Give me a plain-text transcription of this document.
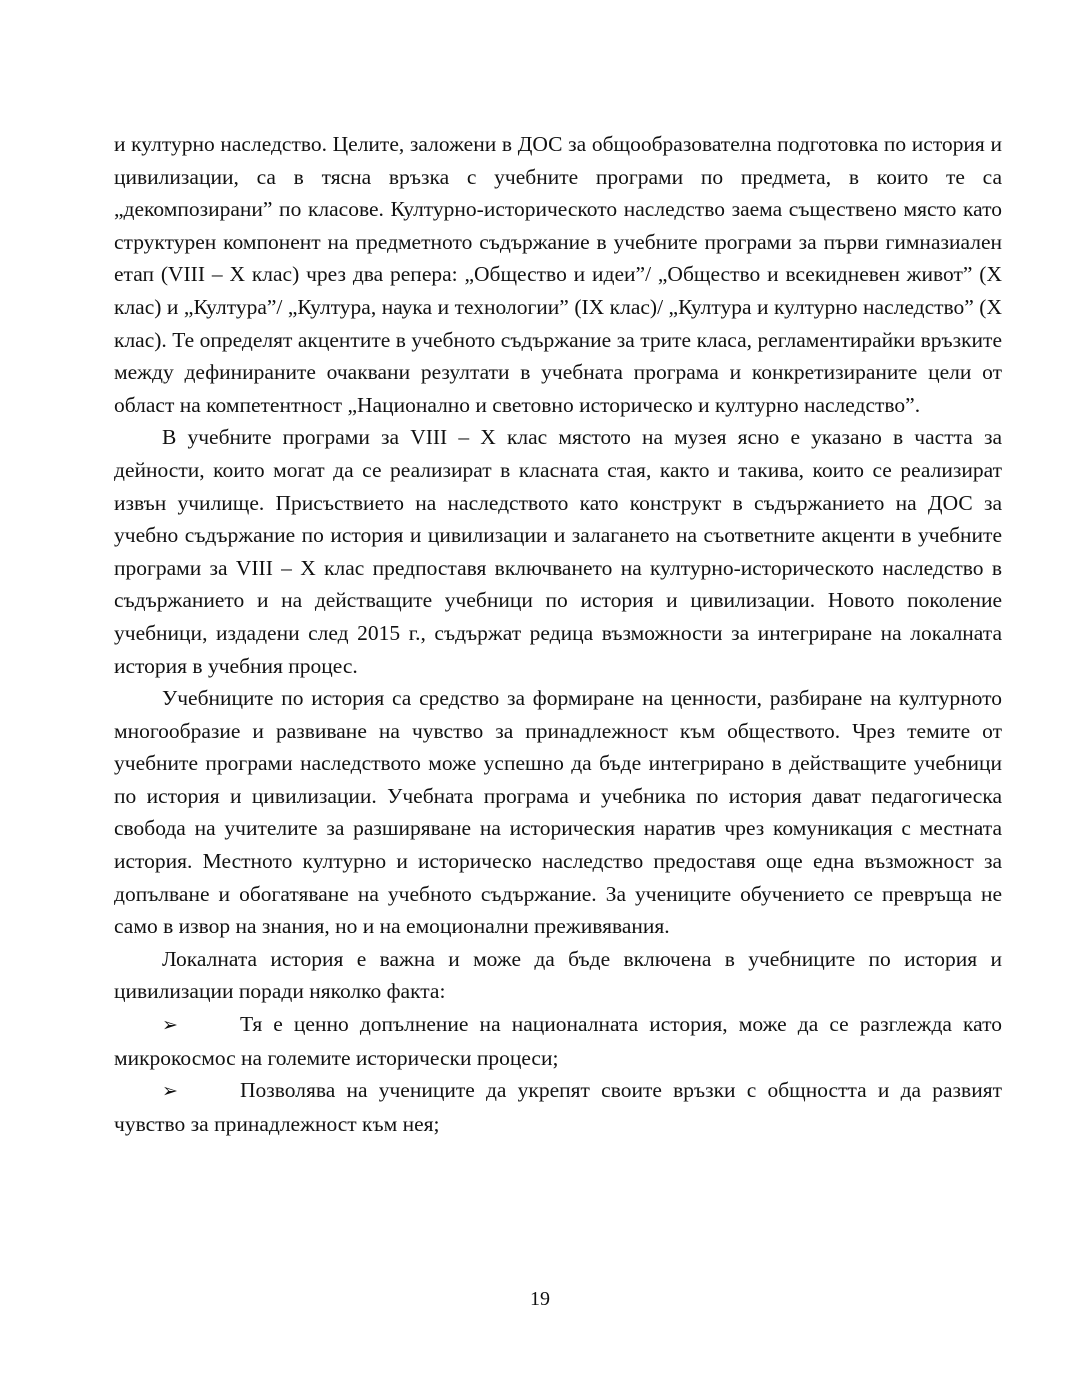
и културно наследство. Целите, заложени в ДОС за общообразователна подготовка по история и цивилизации, са в тясна връзка с учебните програми по предмета, в които те са „декомпозирани” по класове. Културно-историческото наследство заема съществено място като структурен компонент на предметното съдържание в учебните програми за първи гимназиален етап (VIII – X клас) чрез два репера: „Общество и идеи”/ „Общество и всекидневен живот” (X клас) и „Култура”/ „Култура, наука и технологии” (IX клас)/ „Култура и културно наследство” (X клас). Те определят акцентите в учебното съдържание за трите класа, регламентирайки връзките между дефинираните очаквани резултати в учебната програма и конкретизираните цели от област на компетентност „Национално и световно историческо и културно наследство”.

В учебните програми за VIII – X клас мястото на музея ясно е указано в частта за дейности, които могат да се реализират в класната стая, както и такива, които се реализират извън училище. Присъствието на наследството като конструкт в съдържанието на ДОС за учебно съдържание по история и цивилизации и залагането на съответните акценти в учебните програми за VIII – X клас предпоставя включването на културно-историческото наследство в съдържанието и на действащите учебници по история и цивилизации. Новото поколение учебници, издадени след 2015 г., съдържат редица възможности за интегриране на локалната история в учебния процес.

Учебниците по история са средство за формиране на ценности, разбиране на културното многообразие и развиване на чувство за принадлежност към обществото. Чрез темите от учебните програми наследството може успешно да бъде интегрирано в действащите учебници по история и цивилизации. Учебната програма и учебника по история дават педагогическа свобода на учителите за разширяване на историческия наратив чрез комуникация с местната история. Местното културно и историческо наследство предоставя още една възможност за допълване и обогатяване на учебното съдържание. За учениците обучението се превръща не само в извор на знания, но и на емоционални преживявания.

Локалната история е важна и може да бъде включена в учебниците по история и цивилизации поради няколко факта:

➢	Тя е ценно допълнение на националната история, може да се разглежда като микрокосмос на големите исторически процеси;

➢	Позволява на учениците да укрепят своите връзки с общността и да развият чувство за принадлежност към нея;

19
